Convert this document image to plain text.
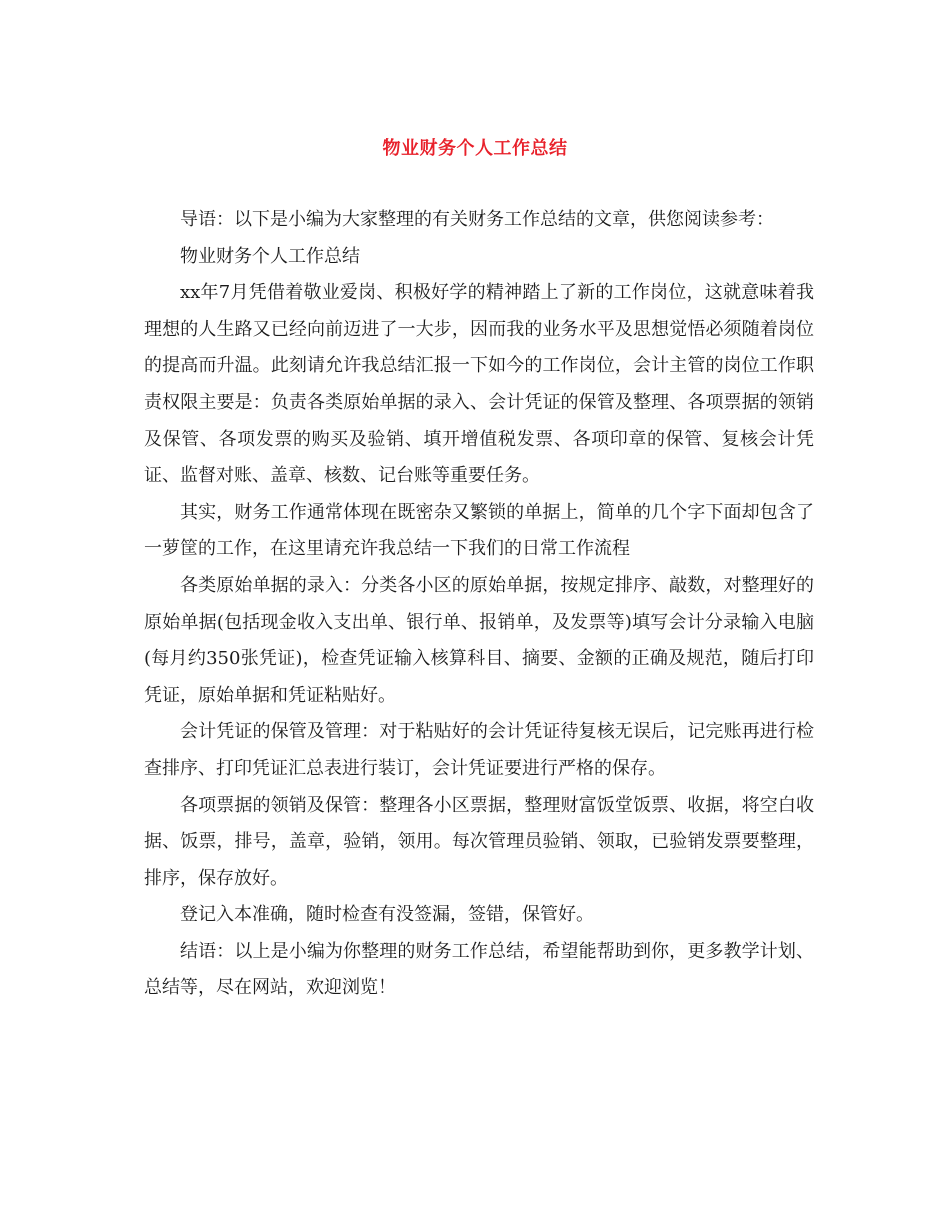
物业财务个人工作总结

导语：以下是小编为大家整理的有关财务工作总结的文章，供您阅读参考：

物业财务个人工作总结

xx年7月凭借着敬业爱岗、积极好学的精神踏上了新的工作岗位，这就意味着我理想的人生路又已经向前迈进了一大步，因而我的业务水平及思想觉悟必须随着岗位的提高而升温。此刻请允许我总结汇报一下如今的工作岗位，会计主管的岗位工作职责权限主要是：负责各类原始单据的录入、会计凭证的保管及整理、各项票据的领销及保管、各项发票的购买及验销、填开增值税发票、各项印章的保管、复核会计凭证、监督对账、盖章、核数、记台账等重要任务。

其实，财务工作通常体现在既密杂又繁锁的单据上，简单的几个字下面却包含了一萝筐的工作，在这里请充许我总结一下我们的日常工作流程

各类原始单据的录入：分类各小区的原始单据，按规定排序、敲数，对整理好的原始单据(包括现金收入支出单、银行单、报销单，及发票等)填写会计分录输入电脑(每月约350张凭证)，检查凭证输入核算科目、摘要、金额的正确及规范，随后打印凭证，原始单据和凭证粘贴好。

会计凭证的保管及管理：对于粘贴好的会计凭证待复核无误后，记完账再进行检查排序、打印凭证汇总表进行装订，会计凭证要进行严格的保存。

各项票据的领销及保管：整理各小区票据，整理财富饭堂饭票、收据，将空白收据、饭票，排号，盖章，验销，领用。每次管理员验销、领取，已验销发票要整理，排序，保存放好。

登记入本准确，随时检查有没签漏，签错，保管好。

结语：以上是小编为你整理的财务工作总结，希望能帮助到你，更多教学计划、总结等，尽在网站，欢迎浏览！
